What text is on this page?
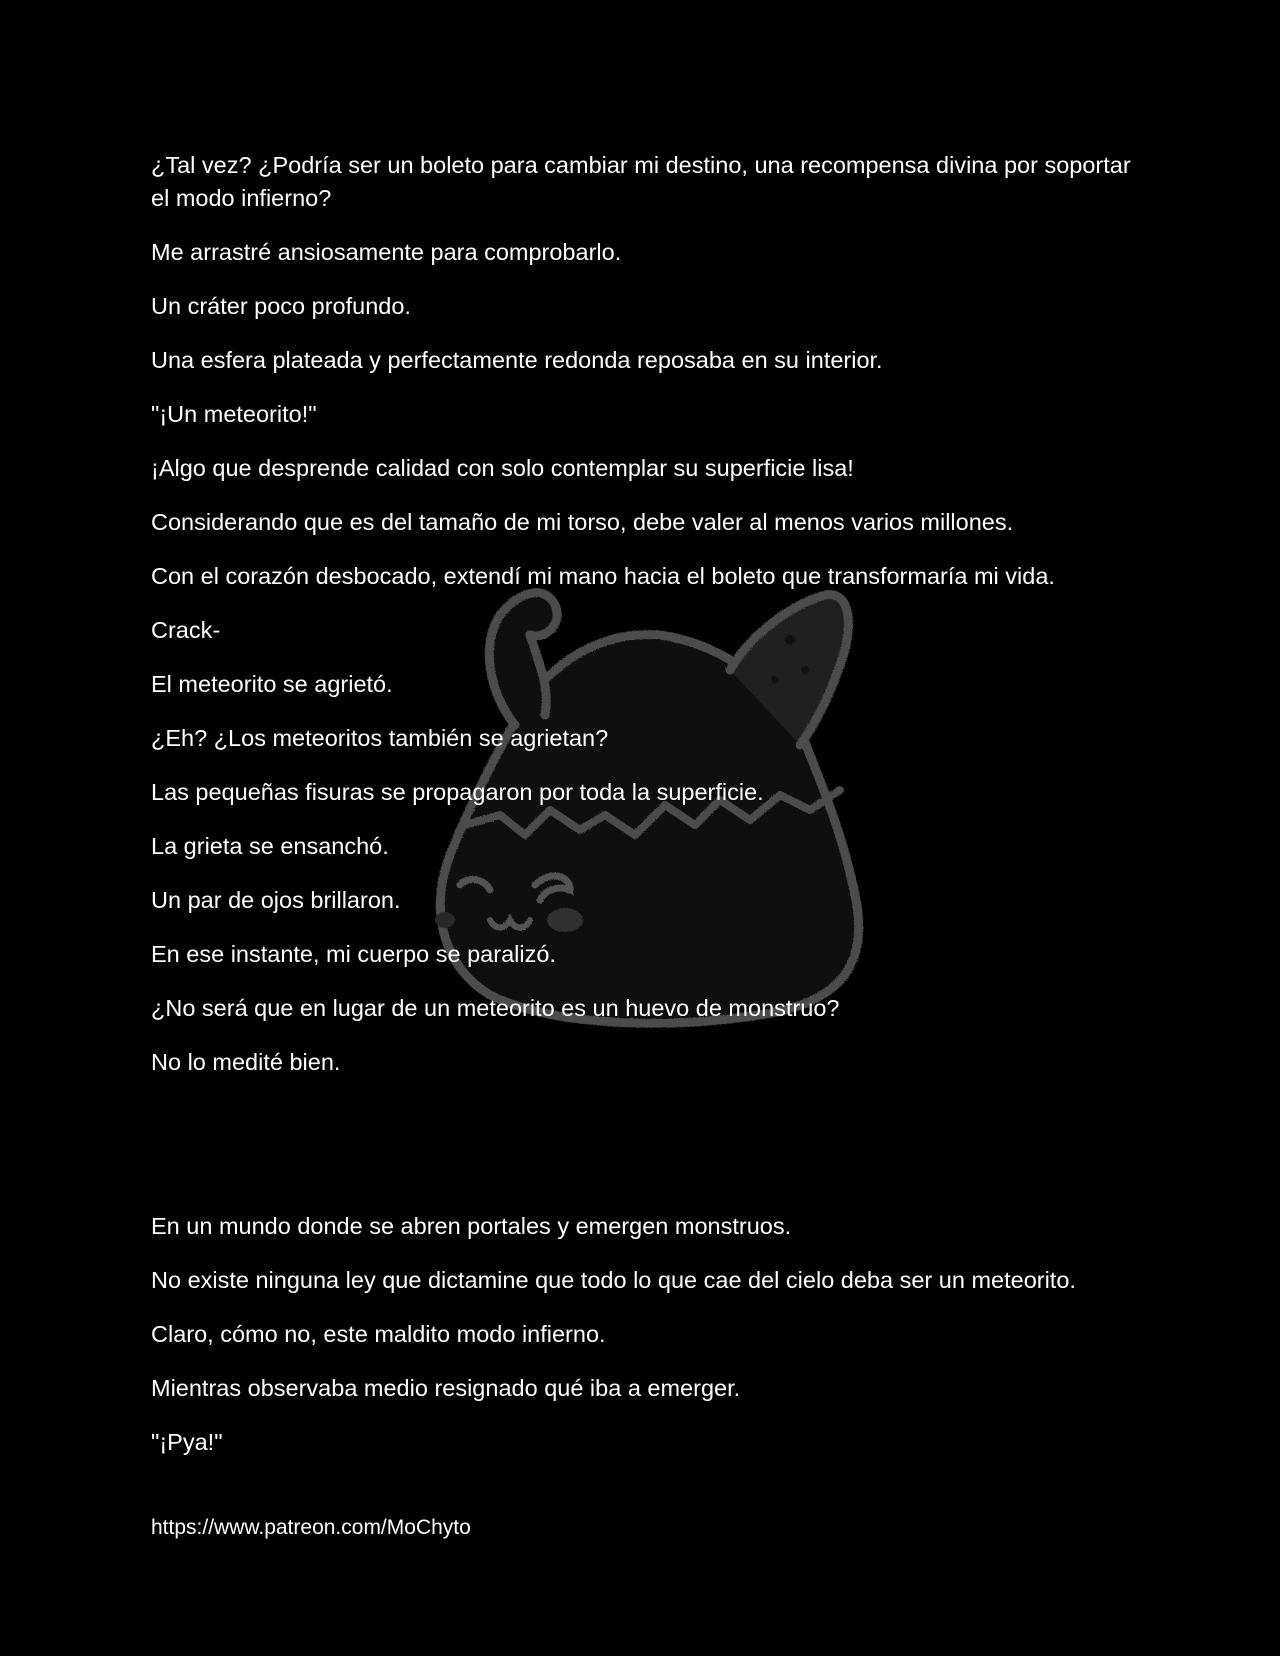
¿Tal vez? ¿Podría ser un boleto para cambiar mi destino, una recompensa divina por soportar el modo infierno?

Me arrastré ansiosamente para comprobarlo.

Un cráter poco profundo.

Una esfera plateada y perfectamente redonda reposaba en su interior.

"¡Un meteorito!"

¡Algo que desprende calidad con solo contemplar su superficie lisa!

Considerando que es del tamaño de mi torso, debe valer al menos varios millones.

Con el corazón desbocado, extendí mi mano hacia el boleto que transformaría mi vida.

Crack-

El meteorito se agrietó.

¿Eh? ¿Los meteoritos también se agrietan?

Las pequeñas fisuras se propagaron por toda la superficie.

La grieta se ensanchó.

Un par de ojos brillaron.

En ese instante, mi cuerpo se paralizó.

¿No será que en lugar de un meteorito es un huevo de monstruo?

No lo medité bien.

En un mundo donde se abren portales y emergen monstruos.

No existe ninguna ley que dictamine que todo lo que cae del cielo deba ser un meteorito.

Claro, cómo no, este maldito modo infierno.

Mientras observaba medio resignado qué iba a emerger.

"¡Pya!"

https://www.patreon.com/MoChyto
